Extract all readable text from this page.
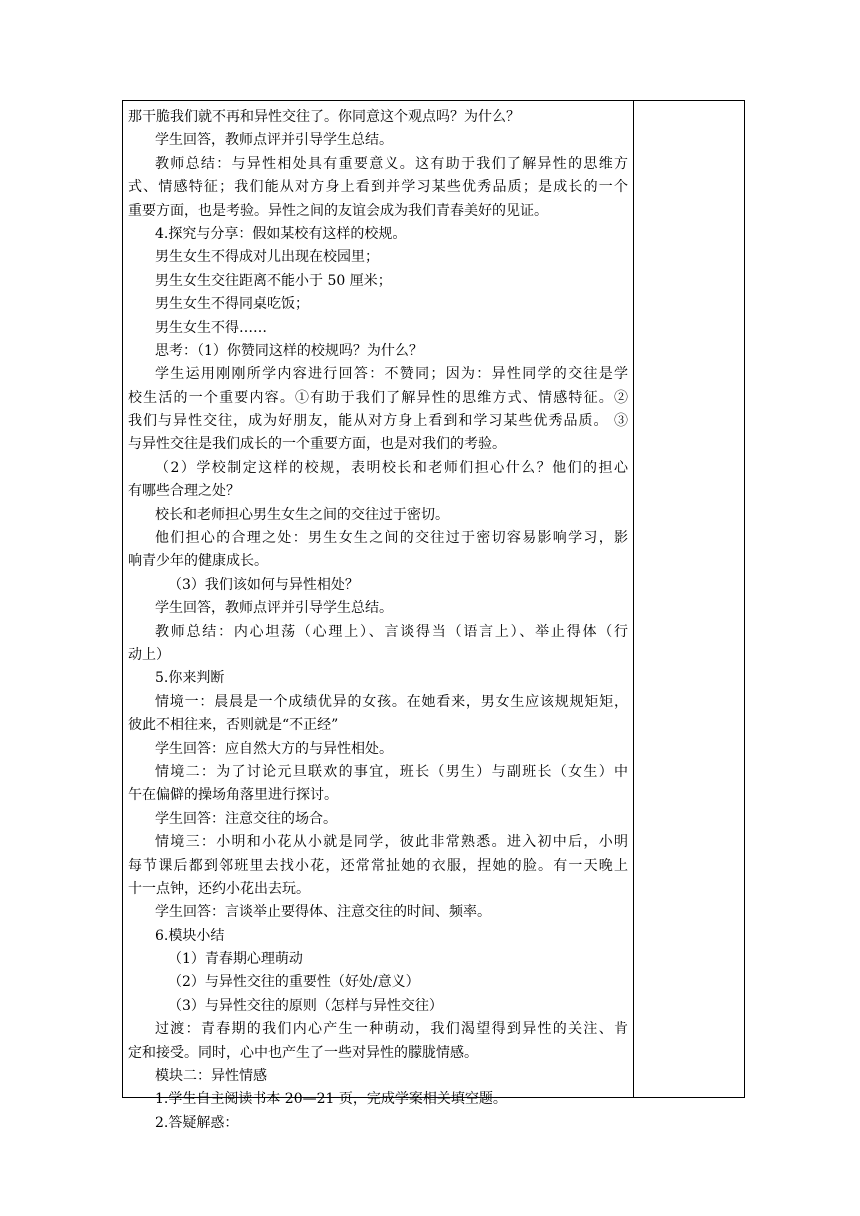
那干脆我们就不再和异性交往了。你同意这个观点吗？为什么？
学生回答，教师点评并引导学生总结。
教师总结：与异性相处具有重要意义。这有助于我们了解异性的思维方
式、情感特征；我们能从对方身上看到并学习某些优秀品质；是成长的一个
重要方面，也是考验。异性之间的友谊会成为我们青春美好的见证。
4.探究与分享：假如某校有这样的校规。
男生女生不得成对儿出现在校园里；
男生女生交往距离不能小于 50 厘米；
男生女生不得同桌吃饭；
男生女生不得……
思考：（1）你赞同这样的校规吗？为什么？
学生运用刚刚所学内容进行回答：不赞同；因为：异性同学的交往是学
校生活的一个重要内容。①有助于我们了解异性的思维方式、情感特征。②
我们与异性交往，成为好朋友，能从对方身上看到和学习某些优秀品质。 ③
与异性交往是我们成长的一个重要方面，也是对我们的考验。
（2）学校制定这样的校规，表明校长和老师们担心什么？他们的担心
有哪些合理之处？
校长和老师担心男生女生之间的交往过于密切。
他们担心的合理之处：男生女生之间的交往过于密切容易影响学习，影
响青少年的健康成长。
（3）我们该如何与异性相处？
学生回答，教师点评并引导学生总结。
教师总结：内心坦荡（心理上）、言谈得当（语言上）、举止得体（行
动上）
5.你来判断
情境一：晨晨是一个成绩优异的女孩。在她看来，男女生应该规规矩矩，
彼此不相往来，否则就是“不正经”
学生回答：应自然大方的与异性相处。
情境二：为了讨论元旦联欢的事宜，班长（男生）与副班长（女生）中
午在偏僻的操场角落里进行探讨。
学生回答：注意交往的场合。
情境三：小明和小花从小就是同学，彼此非常熟悉。进入初中后，小明
每节课后都到邻班里去找小花，还常常扯她的衣服，捏她的脸。有一天晚上
十一点钟，还约小花出去玩。
学生回答：言谈举止要得体、注意交往的时间、频率。
6.模块小结
（1）青春期心理萌动
（2）与异性交往的重要性（好处/意义）
（3）与异性交往的原则（怎样与异性交往）
过渡：青春期的我们内心产生一种萌动，我们渴望得到异性的关注、肯
定和接受。同时，心中也产生了一些对异性的朦胧情感。
模块二：异性情感
1.学生自主阅读书本 20—21 页，完成学案相关填空题。
2.答疑解惑：
